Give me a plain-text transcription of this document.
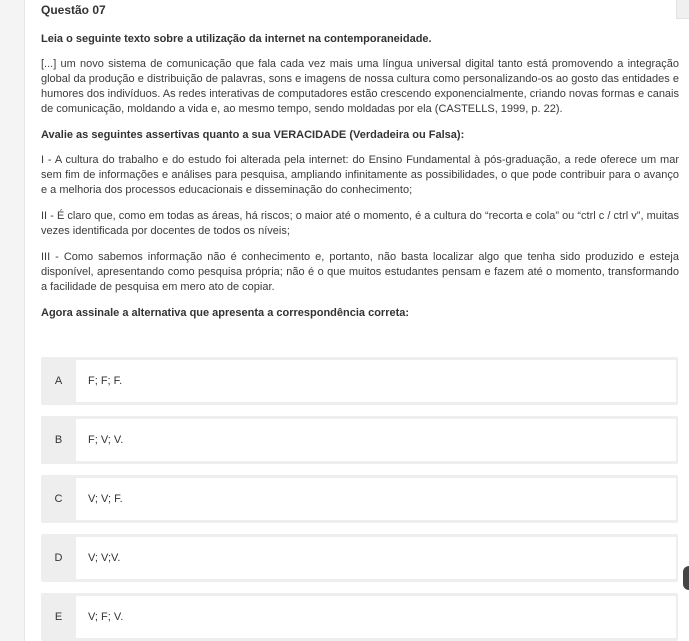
Questão 07

Leia o seguinte texto sobre a utilização da internet na contemporaneidade.

[...] um novo sistema de comunicação que fala cada vez mais uma língua universal digital tanto está promovendo a integração global da produção e distribuição de palavras, sons e imagens de nossa cultura como personalizando-os ao gosto das entidades e humores dos indivíduos. As redes interativas de computadores estão crescendo exponencialmente, criando novas formas e canais de comunicação, moldando a vida e, ao mesmo tempo, sendo moldadas por ela (CASTELLS, 1999, p. 22).

Avalie as seguintes assertivas quanto a sua VERACIDADE (Verdadeira ou Falsa):

I - A cultura do trabalho e do estudo foi alterada pela internet: do Ensino Fundamental à pós-graduação, a rede oferece um mar sem fim de informações e análises para pesquisa, ampliando infinitamente as possibilidades, o que pode contribuir para o avanço e a melhoria dos processos educacionais e disseminação do conhecimento;

II - É claro que, como em todas as áreas, há riscos; o maior até o momento, é a cultura do “recorta e cola” ou “ctrl c / ctrl v”, muitas vezes identificada por docentes de todos os níveis;

III - Como sabemos informação não é conhecimento e, portanto, não basta localizar algo que tenha sido produzido e esteja disponível, apresentando como pesquisa própria; não é o que muitos estudantes pensam e fazem até o momento, transformando a facilidade de pesquisa em mero ato de copiar.

Agora assinale a alternativa que apresenta a correspondência correta:

A	F; F; F.
B	F; V; V.
C	V; V; F.
D	V; V;V.
E	V; F; V.
